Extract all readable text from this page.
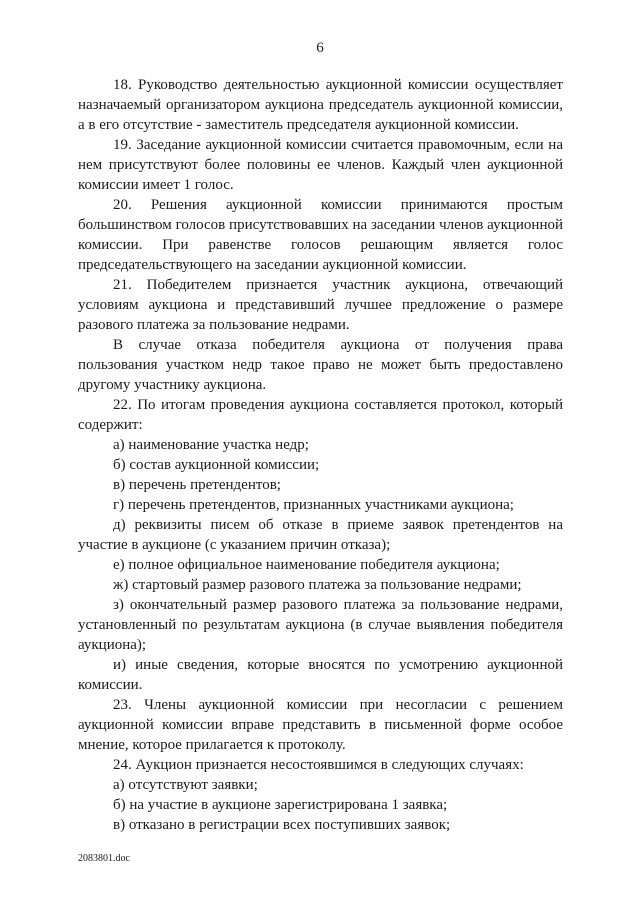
6

18. Руководство деятельностью аукционной комиссии осуществляет назначаемый организатором аукциона председатель аукционной комиссии, а в его отсутствие - заместитель председателя аукционной комиссии.

19. Заседание аукционной комиссии считается правомочным, если на нем присутствуют более половины ее членов. Каждый член аукционной комиссии имеет 1 голос.

20. Решения аукционной комиссии принимаются простым большинством голосов присутствовавших на заседании членов аукционной комиссии. При равенстве голосов решающим является голос председательствующего на заседании аукционной комиссии.

21. Победителем признается участник аукциона, отвечающий условиям аукциона и представивший лучшее предложение о размере разового платежа за пользование недрами.

В случае отказа победителя аукциона от получения права пользования участком недр такое право не может быть предоставлено другому участнику аукциона.

22. По итогам проведения аукциона составляется протокол, который содержит:

а) наименование участка недр;

б) состав аукционной комиссии;

в) перечень претендентов;

г) перечень претендентов, признанных участниками аукциона;

д) реквизиты писем об отказе в приеме заявок претендентов на участие в аукционе (с указанием причин отказа);

е) полное официальное наименование победителя аукциона;

ж) стартовый размер разового платежа за пользование недрами;

з) окончательный размер разового платежа за пользование недрами, установленный по результатам аукциона (в случае выявления победителя аукциона);

и) иные сведения, которые вносятся по усмотрению аукционной комиссии.

23. Члены аукционной комиссии при несогласии с решением аукционной комиссии вправе представить в письменной форме особое мнение, которое прилагается к протоколу.

24. Аукцион признается несостоявшимся в следующих случаях:

а) отсутствуют заявки;

б) на участие в аукционе зарегистрирована 1 заявка;

в) отказано в регистрации всех поступивших заявок;

2083801.doc
